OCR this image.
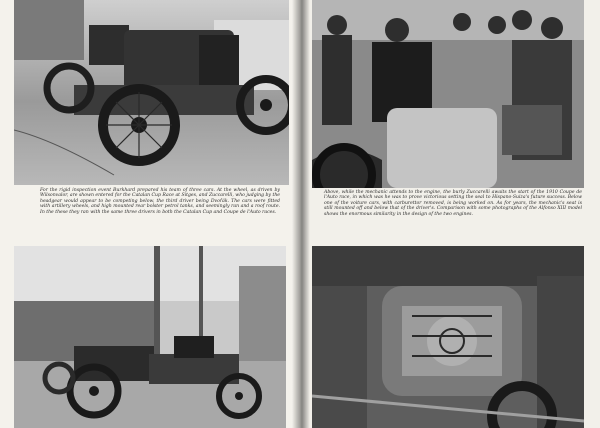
For the rigid inspection event Burkhard prepared his team of three cars. At the wheel, as driven by Wilsonvalor, are shown entered for the Catalan Cup Race at Sitges, and Zuccarelli, who judging by the headgear would appear to be competing below, the third driver being Dvořák. The cars were fitted with artillery wheels, and high mounted rear bolster petrol tanks, and seemingly ran and a roof route. In the these they ran with the same three drivers in both the Catalan Cup and Coupe de l'Auto races.

Above, while the mechanic attends to the engine, the burly Zuccarelli awaits the start of the 1910 Coupe de l'Auto race, in which was he was to prove victorious setting the seal to Hispano-Suiza's future success. Below one of the voiture cars, with carburettor removed, is being worked on. As for years, the mechanic's seat is still mounted off and below that of the driver's. Comparison with some photographs of the Alfonso XIII model shows the enormous similarity in the design of the two engines.
